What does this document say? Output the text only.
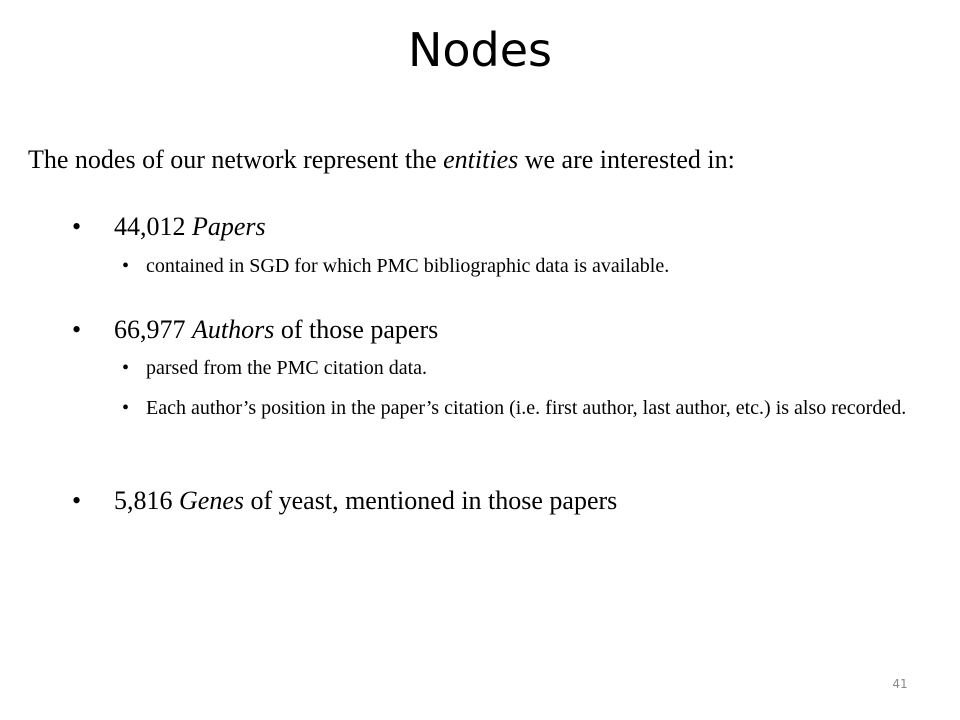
Nodes
The nodes of our network represent the entities we are interested in:
•	44,012 Papers
• contained in SGD for which PMC bibliographic data is available.
•	66,977 Authors of those papers
• parsed from the PMC citation data.
• Each author’s position in the paper’s citation (i.e. first author, last author, etc.) is also recorded.
•	5,816 Genes of yeast, mentioned in those papers
41
